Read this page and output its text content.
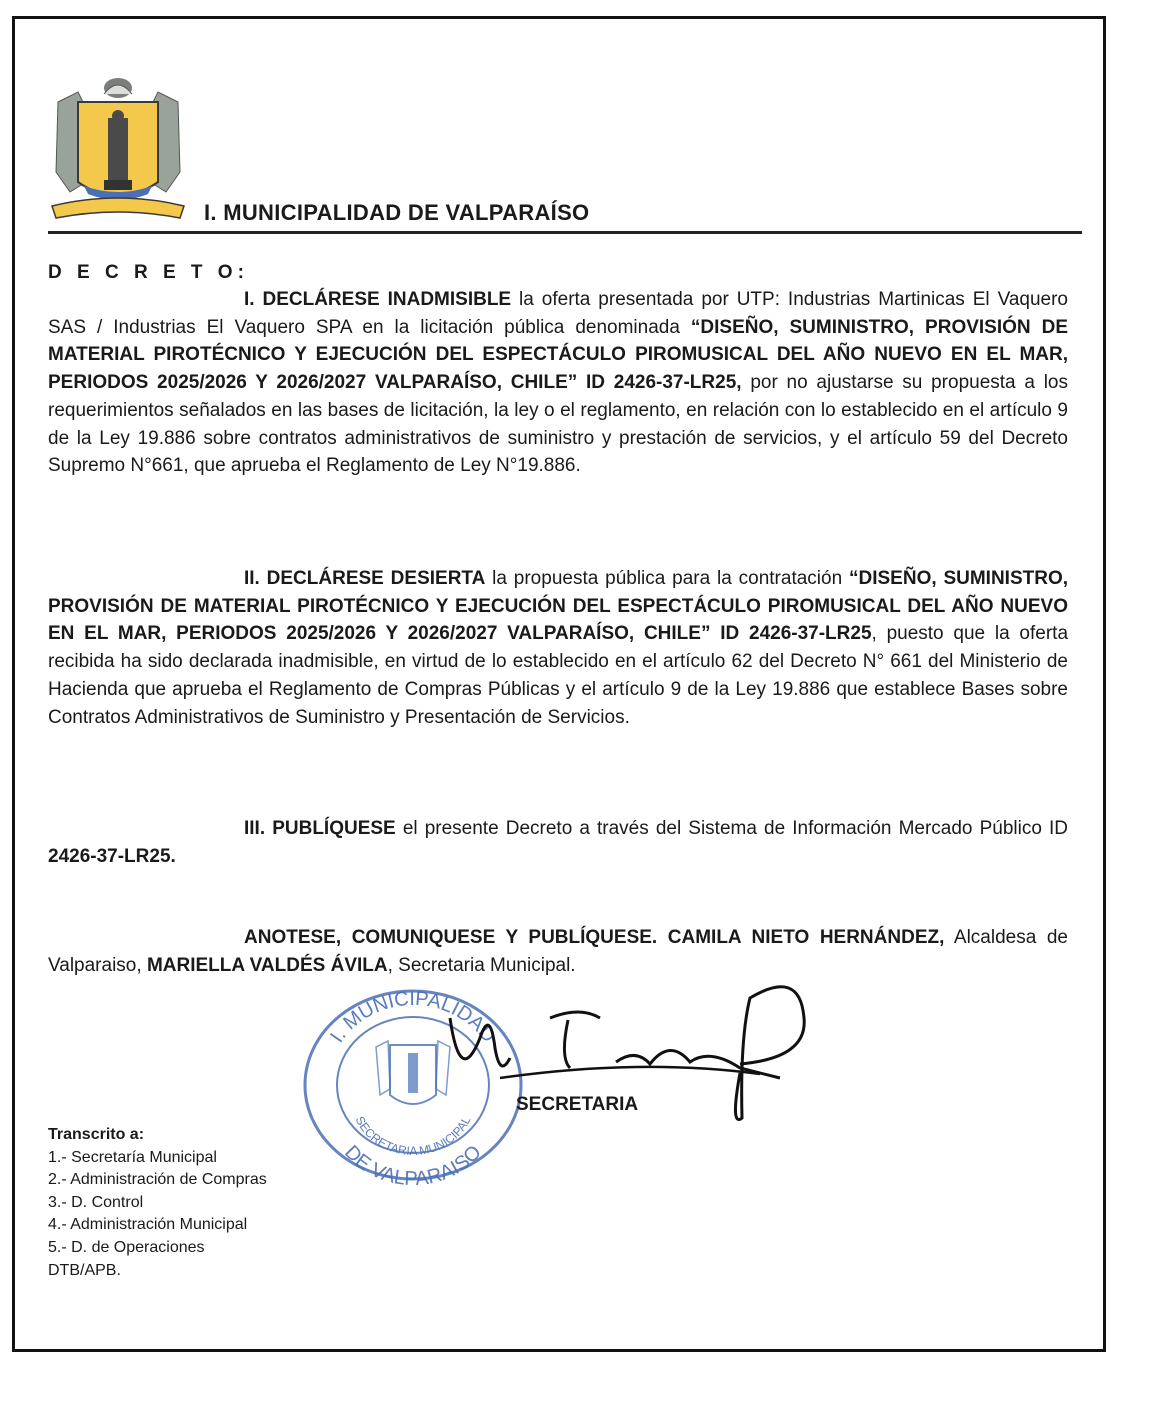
I. MUNICIPALIDAD DE VALPARAÍSO
D E C R E T O:
I. DECLÁRESE INADMISIBLE la oferta presentada por UTP: Industrias Martinicas El Vaquero SAS / Industrias El Vaquero SPA en la licitación pública denominada “DISEÑO, SUMINISTRO, PROVISIÓN DE MATERIAL PIROTÉCNICO Y EJECUCIÓN DEL ESPECTÁCULO PIROMUSICAL DEL AÑO NUEVO EN EL MAR, PERIODOS 2025/2026 Y 2026/2027 VALPARAÍSO, CHILE” ID 2426-37-LR25, por no ajustarse su propuesta a los requerimientos señalados en las bases de licitación, la ley o el reglamento, en relación con lo establecido en el artículo 9 de la Ley 19.886 sobre contratos administrativos de suministro y prestación de servicios, y el artículo 59 del Decreto Supremo N°661, que aprueba el Reglamento de Ley N°19.886.
II. DECLÁRESE DESIERTA la propuesta pública para la contratación “DISEÑO, SUMINISTRO, PROVISIÓN DE MATERIAL PIROTÉCNICO Y EJECUCIÓN DEL ESPECTÁCULO PIROMUSICAL DEL AÑO NUEVO EN EL MAR, PERIODOS 2025/2026 Y 2026/2027 VALPARAÍSO, CHILE” ID 2426-37-LR25, puesto que la oferta recibida ha sido declarada inadmisible, en virtud de lo establecido en el artículo 62 del Decreto N° 661 del Ministerio de Hacienda que aprueba el Reglamento de Compras Públicas y el artículo 9 de la Ley 19.886 que establece Bases sobre Contratos Administrativos de Suministro y Presentación de Servicios.
III. PUBLÍQUESE el presente Decreto a través del Sistema de Información Mercado Público ID 2426-37-LR25.
ANOTESE, COMUNIQUESE Y PUBLÍQUESE. CAMILA NIETO HERNÁNDEZ, Alcaldesa de Valparaiso, MARIELLA VALDÉS ÁVILA, Secretaria Municipal.
I. MUNICIPALIDAD
SECRETARIA MUNICIPAL
DE VALPARAISO
SECRETARIA
Transcrito a:
1.- Secretaría Municipal
2.- Administración de Compras
3.- D. Control
4.- Administración Municipal
5.- D. de Operaciones
DTB/APB.
